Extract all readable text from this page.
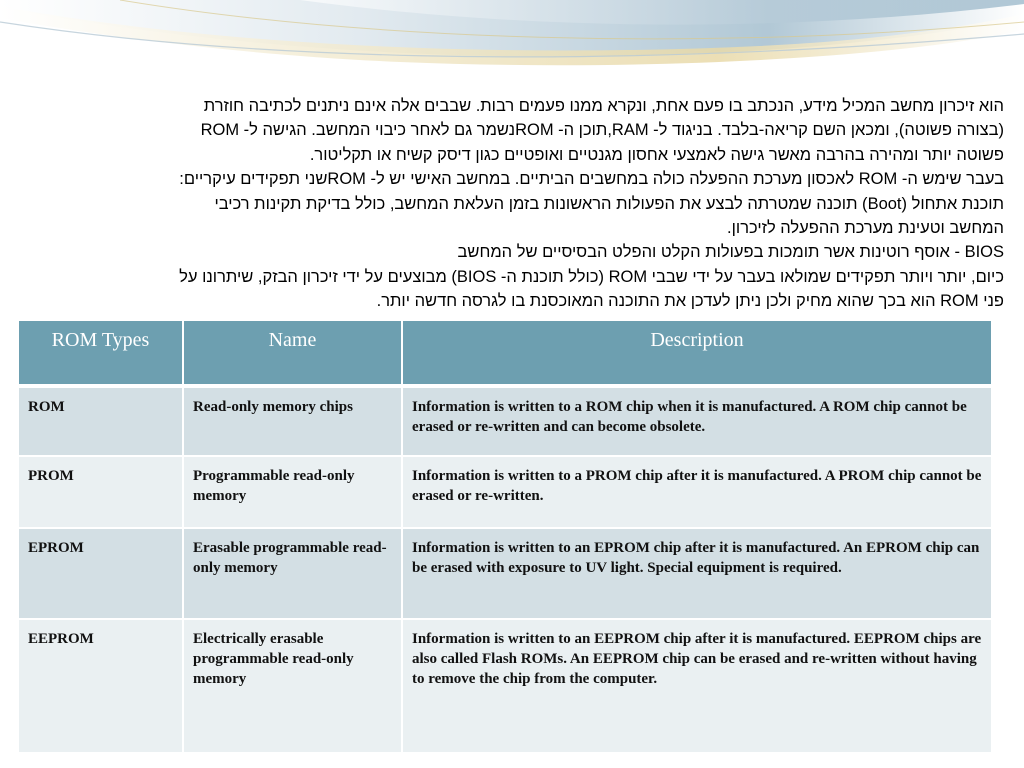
הוא זיכרון מחשב המכיל מידע, הנכתב בו פעם אחת, ונקרא ממנו פעמים רבות. שבבים אלה אינם ניתנים לכתיבה חוזרת

(בצורה פשוטה), ומכאן השם קריאה-בלבד. בניגוד ל- RAM,תוכן ה- ROMנשמר גם לאחר כיבוי המחשב. הגישה ל- ROM

פשוטה יותר ומהירה בהרבה מאשר גישה לאמצעי אחסון מגנטיים ואופטיים כגון דיסק קשיח או תקליטור.

בעבר שימש ה- ROM לאכסון מערכת ההפעלה כולה במחשבים הביתיים. במחשב האישי יש ל- ROMשני תפקידים עיקריים:

תוכנת אתחול (Boot) תוכנה שמטרתה לבצע את הפעולות הראשונות בזמן העלאת המחשב, כולל בדיקת תקינות רכיבי

המחשב וטעינת מערכת ההפעלה לזיכרון.

BIOS - אוסף רוטינות אשר תומכות בפעולות הקלט והפלט הבסיסיים של המחשב

כיום, יותר ויותר תפקידים שמולאו בעבר על ידי שבבי ROM (כולל תוכנת ה- BIOS) מבוצעים על ידי זיכרון הבזק, שיתרונו על

פני ROM הוא בכך שהוא מחיק ולכן ניתן לעדכן את התוכנה המאוכסנת בו לגרסה חדשה יותר.

ROM Types	Name	Description
ROM	Read-only memory chips	Information is written to a ROM chip when it is manufactured. A ROM chip cannot be erased or re-written and can become obsolete.
PROM	Programmable read-only memory	Information is written to a PROM chip after it is manufactured. A PROM chip cannot be erased or re-written.
EPROM	Erasable programmable read-only memory	Information is written to an EPROM chip after it is manufactured. An EPROM chip can be erased with exposure to UV light. Special equipment is required.
EEPROM	Electrically erasable programmable read-only memory	Information is written to an EEPROM chip after it is manufactured. EEPROM chips are also called Flash ROMs. An EEPROM chip can be erased and re-written without having to remove the chip from the computer.
